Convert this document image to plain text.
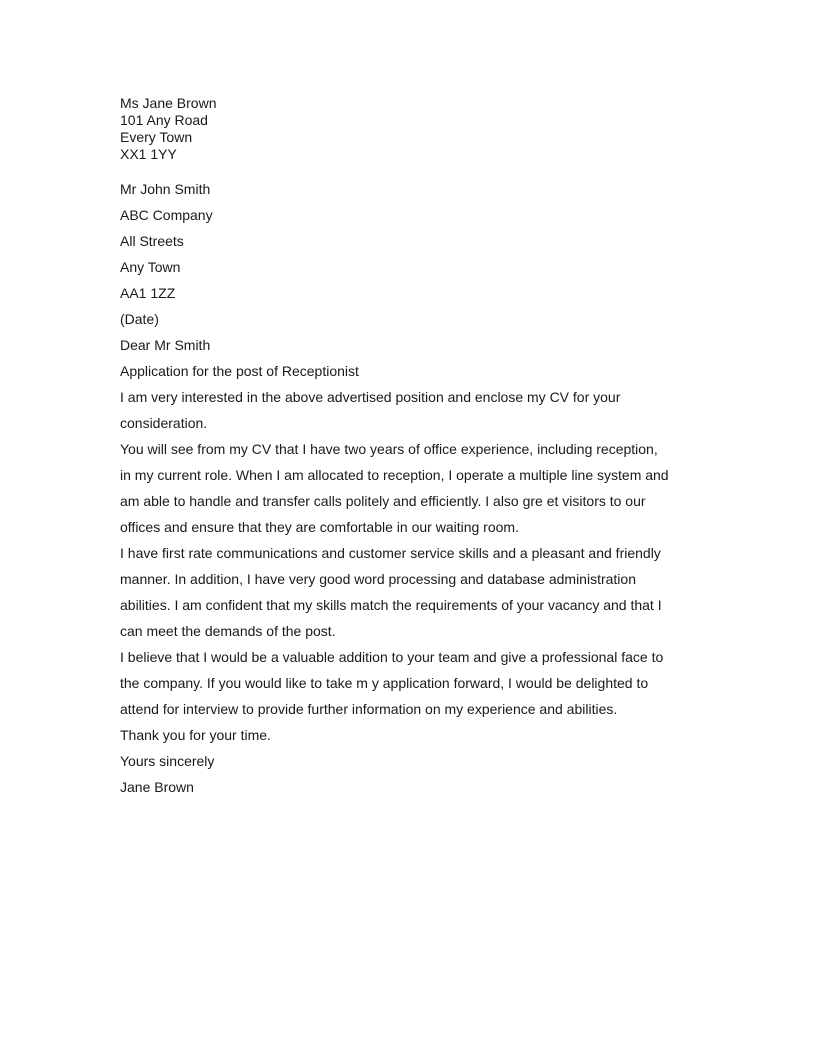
Ms Jane Brown
101 Any Road
Every Town
XX1 1YY
Mr John Smith
ABC Company
All Streets
Any Town
AA1 1ZZ
(Date)
Dear Mr Smith
Application for the post of Receptionist
I am very interested in the above advertised position and enclose my CV for your
consideration.
You will see from my CV that I have two years of office experience, including reception,
in my current role. When I am allocated to reception, I operate a multiple line system and
am able to handle and transfer calls politely and efficiently. I also gre et visitors to our
offices and ensure that they are comfortable in our waiting room.
I have first rate communications and customer service skills and a pleasant and friendly
manner. In addition, I have very good word processing and database administration
abilities. I am confident that my skills match the requirements of your vacancy and that I
can meet the demands of the post.
I believe that I would be a valuable addition to your team and give a professional face to
the company. If you would like to take m y application forward, I would be delighted to
attend for interview to provide further information on my experience and abilities.
Thank you for your time.
Yours sincerely
Jane Brown
